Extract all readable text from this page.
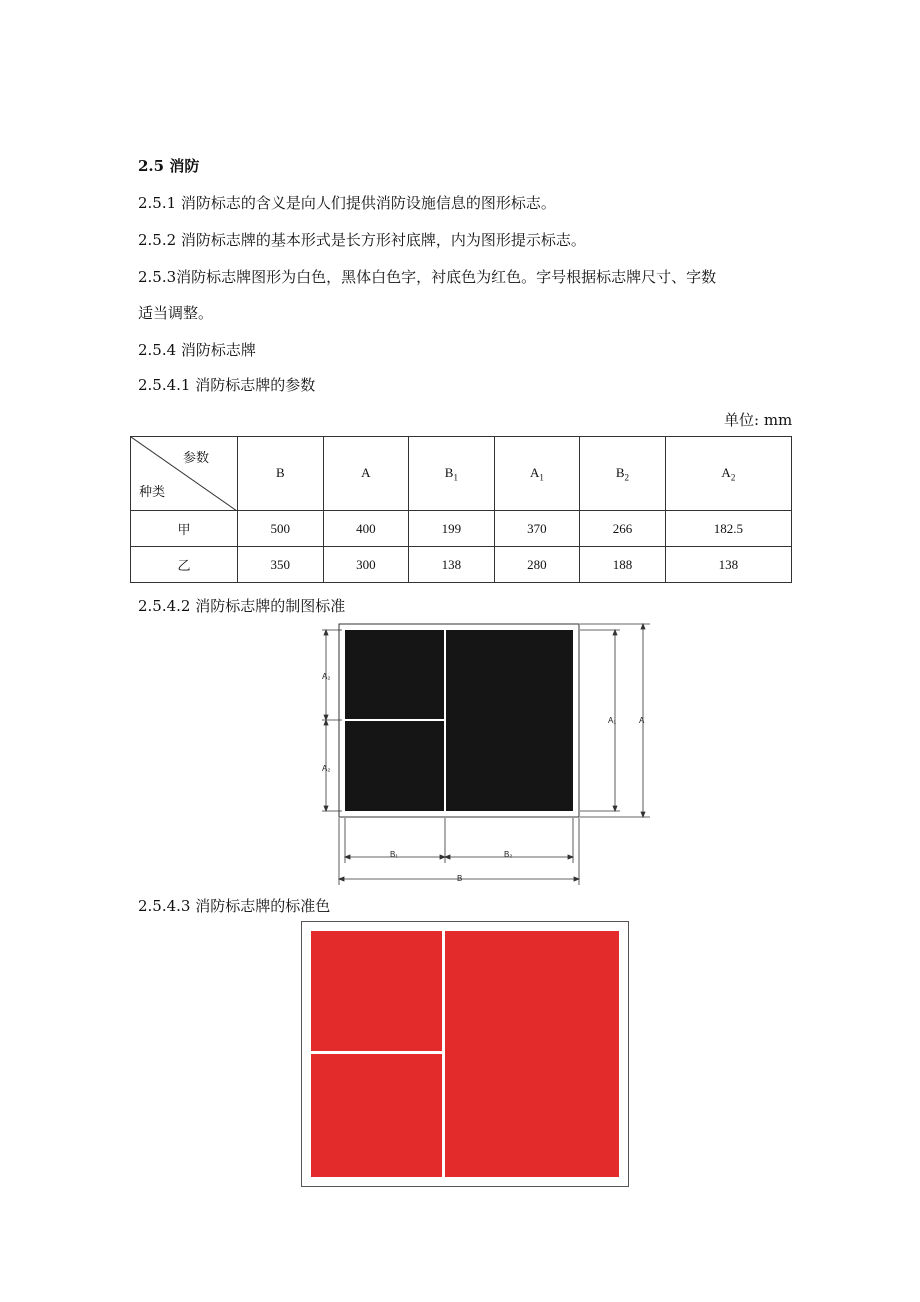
2.5 消防
2.5.1 消防标志的含义是向人们提供消防设施信息的图形标志。
2.5.2 消防标志牌的基本形式是长方形衬底牌，内为图形提示标志。
2.5.3消防标志牌图形为白色，黑体白色字，衬底色为红色。字号根据标志牌尺寸、字数
适当调整。
2.5.4 消防标志牌
2.5.4.1 消防标志牌的参数
单位: mm
参数
种类	B	A	$B_1$	$A_1$	$B_2$	$A_2$
甲	500	400	199	370	266	182.5
乙	350	300	138	280	188	138
2.5.4.2 消防标志牌的制图标准
A₂
A₂
A₁	A
B₁	B₂
B
2.5.4.3 消防标志牌的标准色
